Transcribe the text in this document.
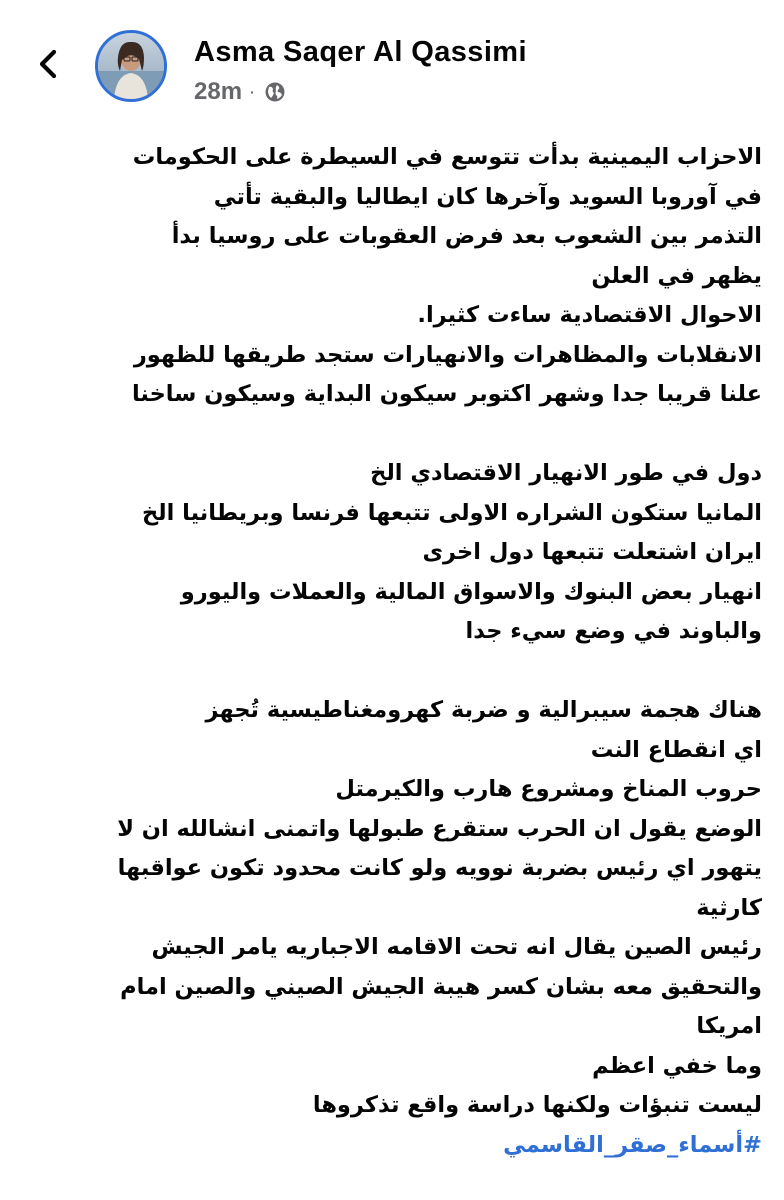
Asma Saqer Al Qassimi
28m ·
الاحزاب اليمينية بدأت تتوسع في السيطرة على الحكومات
في آوروبا السويد وآخرها كان ايطاليا والبقية تأتي
التذمر بين الشعوب بعد فرض العقوبات على روسيا بدأ
يظهر في العلن
الاحوال الاقتصادية ساءت كثيرا.
الانقلابات والمظاهرات والانهيارات ستجد طريقها للظهور
علنا قريبا جدا وشهر اكتوبر سيكون البداية وسيكون ساخنا
دول في طور الانهيار الاقتصادي الخ
المانيا ستكون الشراره الاولى تتبعها فرنسا وبريطانيا الخ
ايران اشتعلت تتبعها دول اخرى
انهيار بعض البنوك والاسواق المالية والعملات واليورو
والباوند في وضع سيء جدا
هناك هجمة سيبرالية و ضربة كهرومغناطيسية تُجهز
اي انقطاع النت
حروب المناخ ومشروع هارب والكيرمتل
الوضع يقول ان الحرب ستقرع طبولها واتمنى انشالله ان لا
يتهور اي رئيس بضربة نوويه ولو كانت محدود تكون عواقبها
كارثية
رئيس الصين يقال انه تحت الاقامه الاجباريه يامر الجيش
والتحقيق معه بشان كسر هيبة الجيش الصيني والصين امام
امريكا
وما خفي اعظم
ليست تنبؤات ولكنها دراسة واقع تذكروها
#أسماء_صقر_القاسمي
